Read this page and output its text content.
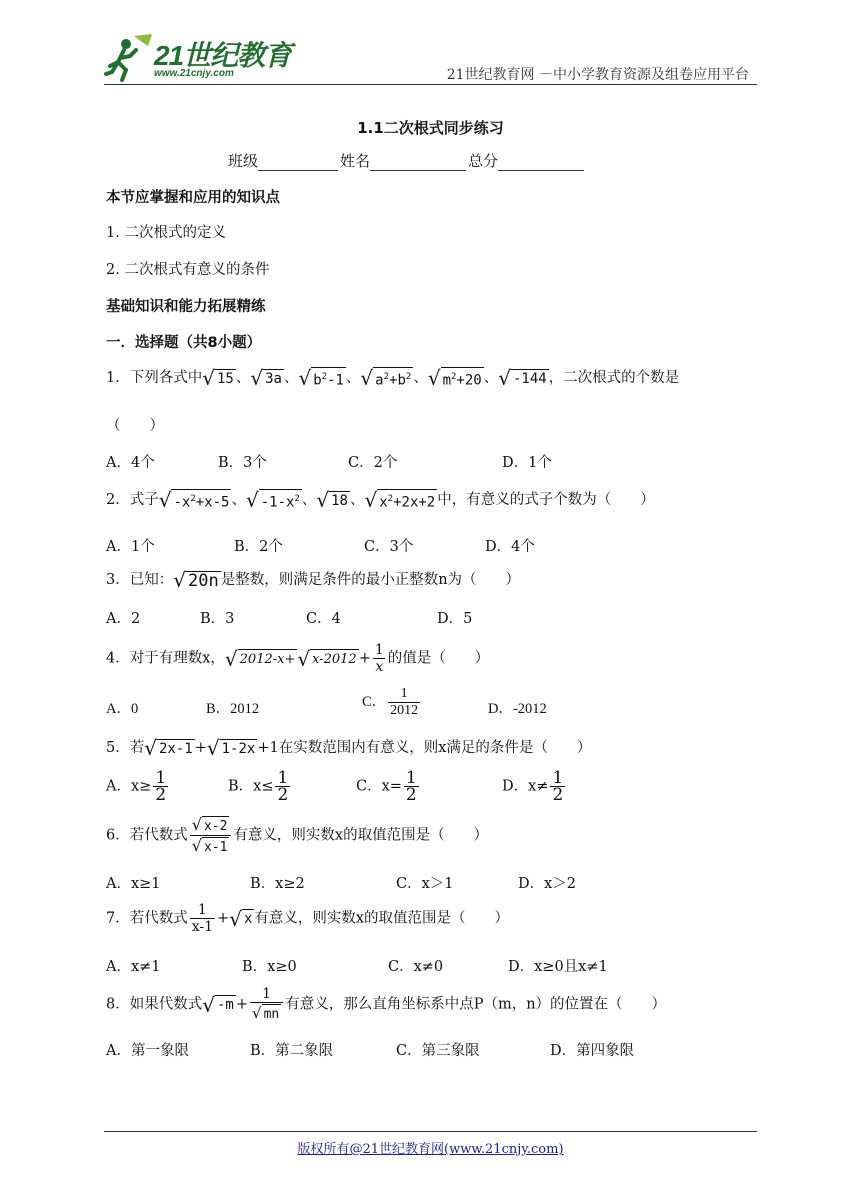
21世纪教育
www.21cnjy.com	21世纪教育网 －中小学教育资源及组卷应用平台
1.1二次根式同步练习
班级	姓名	总分
本节应掌握和应用的知识点
1. 二次根式的定义
2. 二次根式有意义的条件
基础知识和能力拓展精练
一．选择题（共8小题）
1．下列各式中√ 15 、√ 3a 、√ $b^2-1$ 、√ $a^2+b^2$ 、√ $m^2+20$ 、√ -144 ，二次根式的个数是
（　　）
A．4个	B．3个	C．2个	D．1个
2．式子√ $-x^2+x-5$ 、√ $-1-x^2$ 、√ 18 、√ $x^2+2x+2$ 中，有意义的式子个数为（　　）
A．1个	B．2个	C．3个	D．4个
3．已知：√ 20n 是整数，则满足条件的最小正整数n为（　　）
A．2	B．3	C．4	D．5
4．对于有理数x，√ 2012-x+ √ $x-2012 + \frac{1}{x}$ 的值是（　　）
A．0	B．2012	C． $\frac{1}{2012}$	D．-2012
5．若√ 2x-1 +√ 1-2x +1在实数范围内有意义，则x满足的条件是（　　）
A．$x\ge \frac{1}{2}$	B．$x\le \frac{1}{2}$	C．$x= \frac{1}{2}$	D．$x\ne \frac{1}{2}$
6．若代数式 $\frac{√ x-2}{√ x-1}$ 有意义，则实数x的取值范围是（　　）
A．x≥1	B．x≥2	C．x＞1	D．x＞2
7．若代数式 $\frac{1}{x-1}$ +√ x 有意义，则实数x的取值范围是（　　）
A．x≠1	B．x≥0	C．x≠0	D．x≥0且x≠1
8．如果代数式√ $-m + \frac{1}{√ mn}$ 有意义，那么直角坐标系中点P（m，n）的位置在（　　）
A．第一象限	B．第二象限	C．第三象限	D．第四象限
版权所有@21世纪教育网(www.21cnjy.com)
